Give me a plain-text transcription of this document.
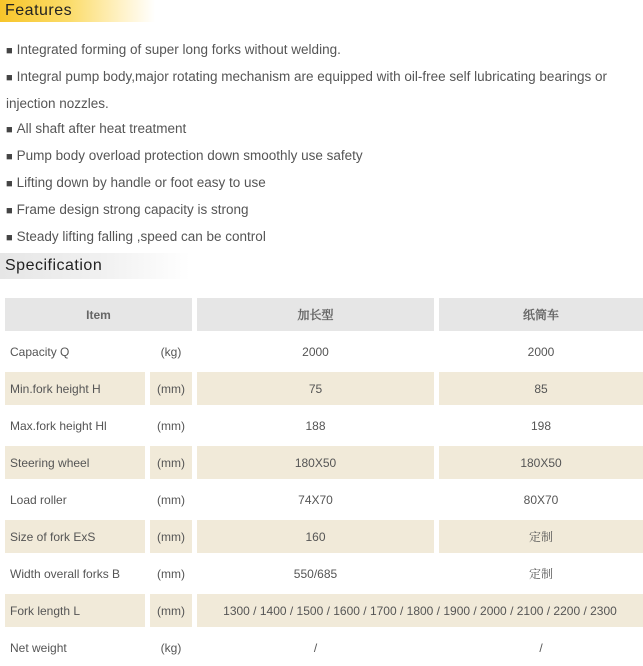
Features
■ Integrated forming of super long forks without welding.
■ Integral pump body,major rotating mechanism are equipped with oil-free self lubricating bearings or
injection nozzles.
■ All shaft after heat treatment
■ Pump body overload protection down smoothly use safety
■ Lifting down by handle or foot easy to use
■ Frame design strong capacity is strong
■ Steady lifting falling ,speed can be control
Specification
Item		加长型	纸筒车

Capacity Q	(kg)	2000	2000

Min.fork height H	(mm)	75	85

Max.fork height Hl	(mm)	188	198

Steering wheel	(mm)	180X50	180X50

Load roller	(mm)	74X70	80X70

Size of fork ExS	(mm)	160	定制

Width overall forks B	(mm)	550/685	定制

Fork length L	(mm)	1300 / 1400 / 1500 / 1600 / 1700 / 1800 / 1900 / 2000 / 2100 / 2200 / 2300	

Net weight	(kg)	/	/
